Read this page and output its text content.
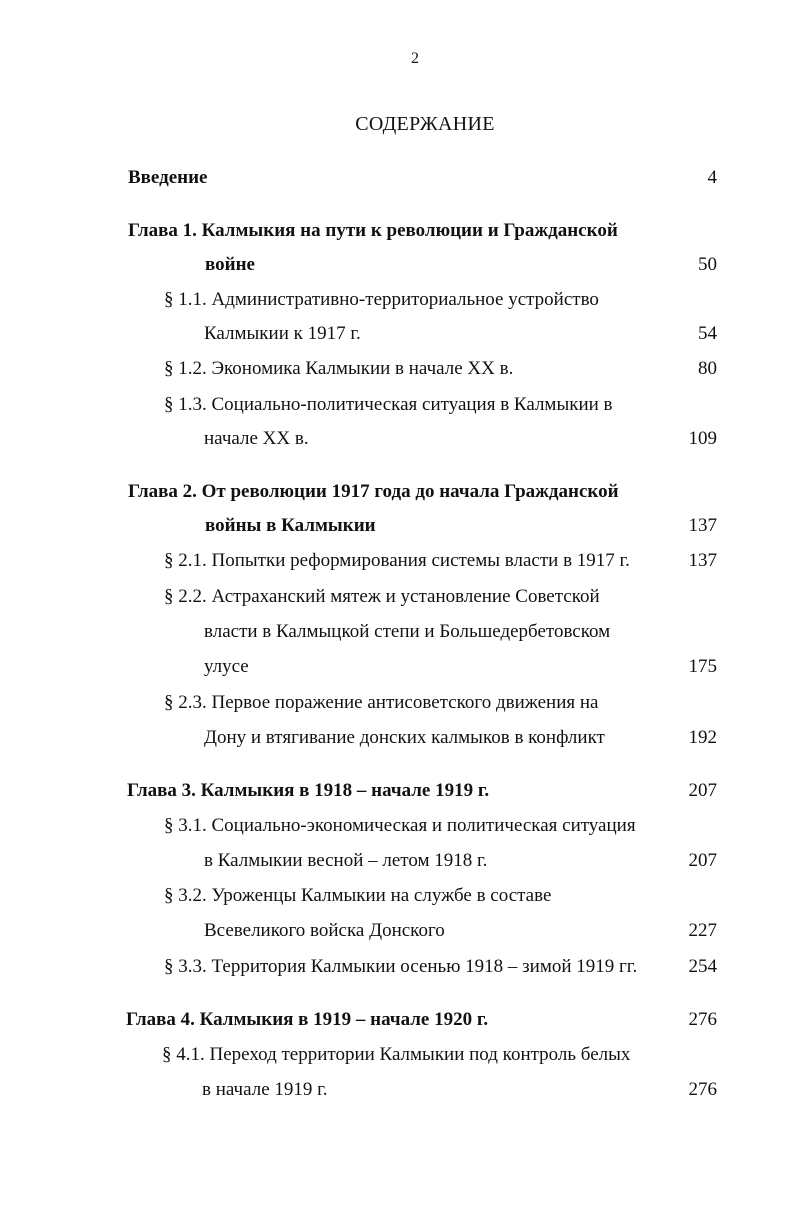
2
СОДЕРЖАНИЕ
Введение	4
Глава 1. Калмыкия на пути к революции и Гражданской
войне	50
§ 1.1. Административно-территориальное устройство
Калмыкии к 1917 г.	54
§ 1.2. Экономика Калмыкии в начале XX в.	80
§ 1.3. Социально-политическая ситуация в Калмыкии в
начале XX в.	109
Глава 2. От революции 1917 года до начала Гражданской
войны в Калмыкии	137
§ 2.1. Попытки реформирования системы власти в 1917 г.	137
§ 2.2. Астраханский мятеж и установление Советской
власти в Калмыцкой степи и Большедербетовском
улусе	175
§ 2.3. Первое поражение антисоветского движения на
Дону и втягивание донских калмыков в конфликт	192
Глава 3. Калмыкия в 1918 – начале 1919 г.	207
§ 3.1. Социально-экономическая и политическая ситуация
в Калмыкии весной – летом 1918 г.	207
§ 3.2. Уроженцы Калмыкии на службе в составе
Всевеликого войска Донского	227
§ 3.3. Территория Калмыкии осенью 1918 – зимой 1919 гг.	254
Глава 4. Калмыкия в 1919 – начале 1920 г.	276
§ 4.1. Переход территории Калмыкии под контроль белых
в начале 1919 г.	276
